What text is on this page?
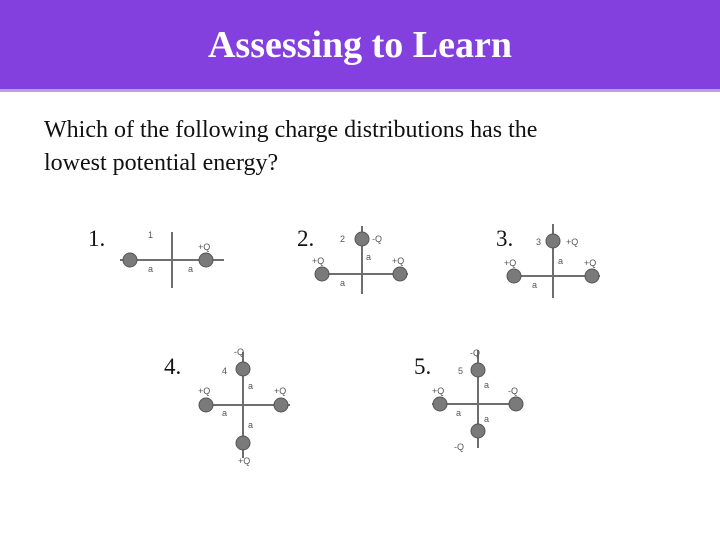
Assessing to Learn
Which of the following charge distributions has the
lowest potential energy?
1.	1
+Q
a	a
2.	2	-Q
+Q	+Q
a
a
3.	3	+Q
+Q	+Q
a
a
4.
-Q
4
+Q	+Q
+Q
a
a
a
5.
-Q
5
+Q	-Q
-Q
a
a
a
